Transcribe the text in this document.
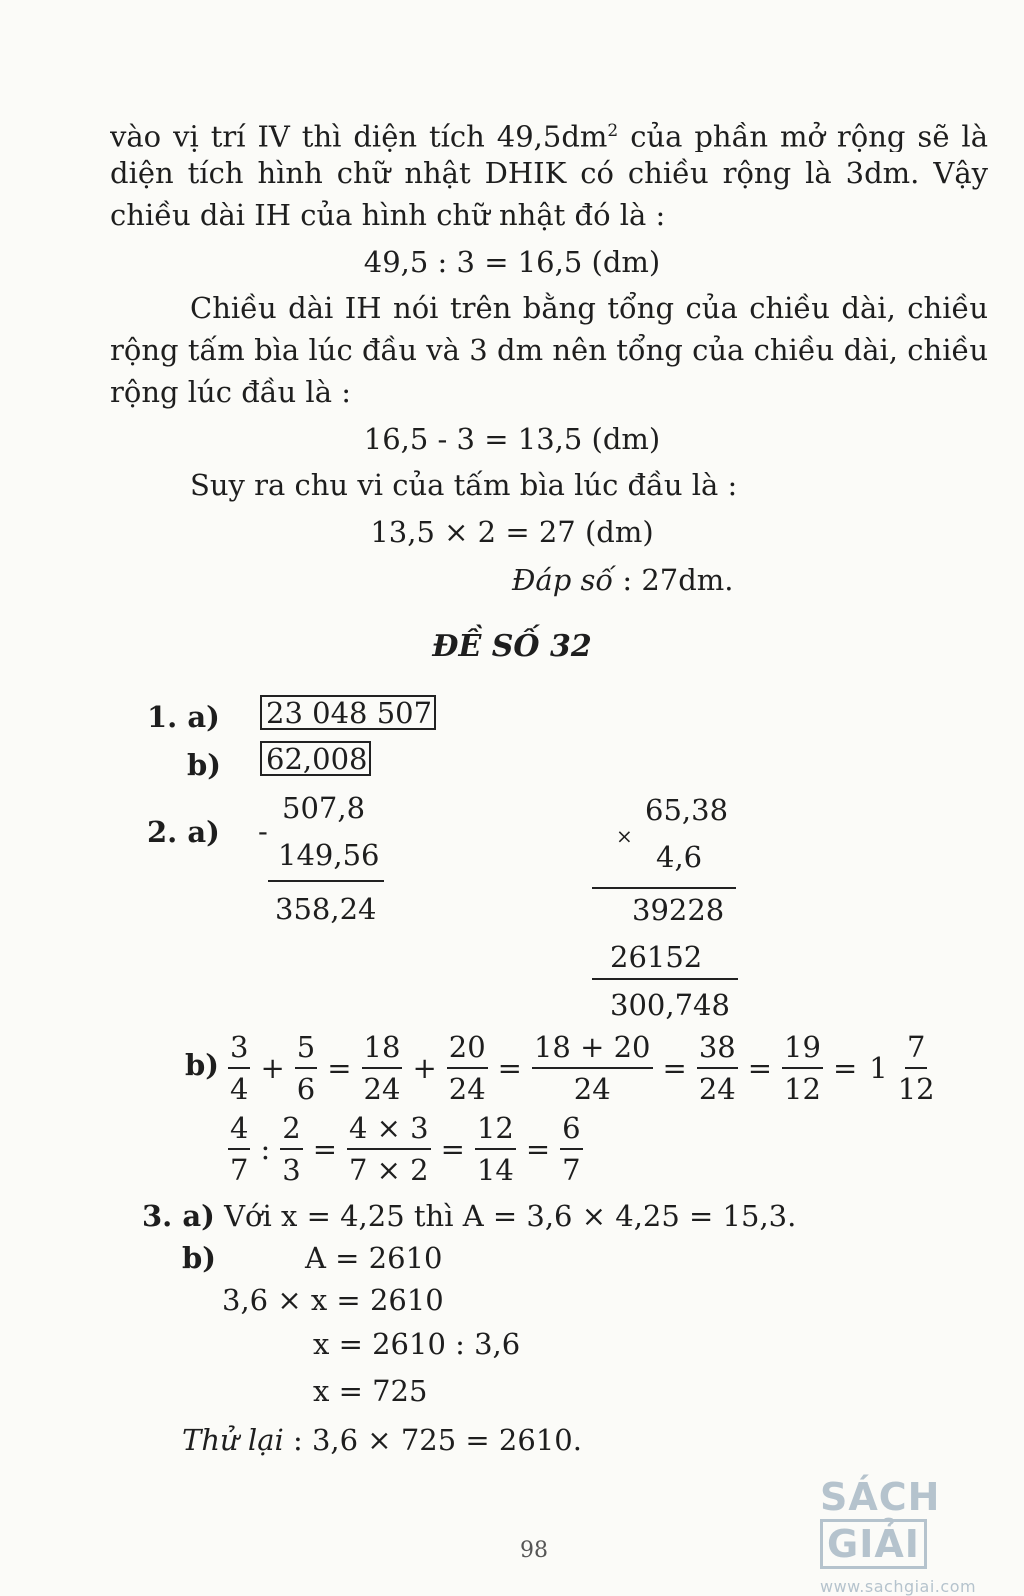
vào vị trí IV thì diện tích $49,5dm^2$ của phần mở rộng sẽ là
diện tích hình chữ nhật DHIK có chiều rộng là 3dm. Vậy
chiều dài IH của hình chữ nhật đó là :
49,5 : 3 = 16,5 (dm)
Chiều dài IH nói trên bằng tổng của chiều dài, chiều
rộng tấm bìa lúc đầu và 3 dm nên tổng của chiều dài, chiều
rộng lúc đầu là :
16,5 - 3 = 13,5 (dm)
Suy ra chu vi của tấm bìa lúc đầu là :
13,5 × 2 = 27 (dm)
Đáp số : 27dm.
ĐỀ SỐ 32
1. a) 23 048 507
b) 62,008
2. a) -
507,8
149,56
358,24
×
65,38
4,6
39228
26152
300,748
$b) \frac{3}{4} + \frac{5}{6} = \frac{18}{24} + \frac{20}{24} = \frac{18 + 20}{24} = \frac{38}{24} = \frac{19}{12} = 1 \frac{7}{12}$
$\frac{4}{7}$ : $\frac{2}{3} = \frac{4 \times 3}{7 \times 2} = \frac{12}{14} = \frac{6}{7}$
3. a) Với x = 4,25 thì A = 3,6 × 4,25 = 15,3.
b)	A = 2610
3,6 × x = 2610
x = 2610 : 3,6
x = 725
Thử lại : 3,6 × 725 = 2610.
98
SÁCHGIẢI
www.sachgiai.com
